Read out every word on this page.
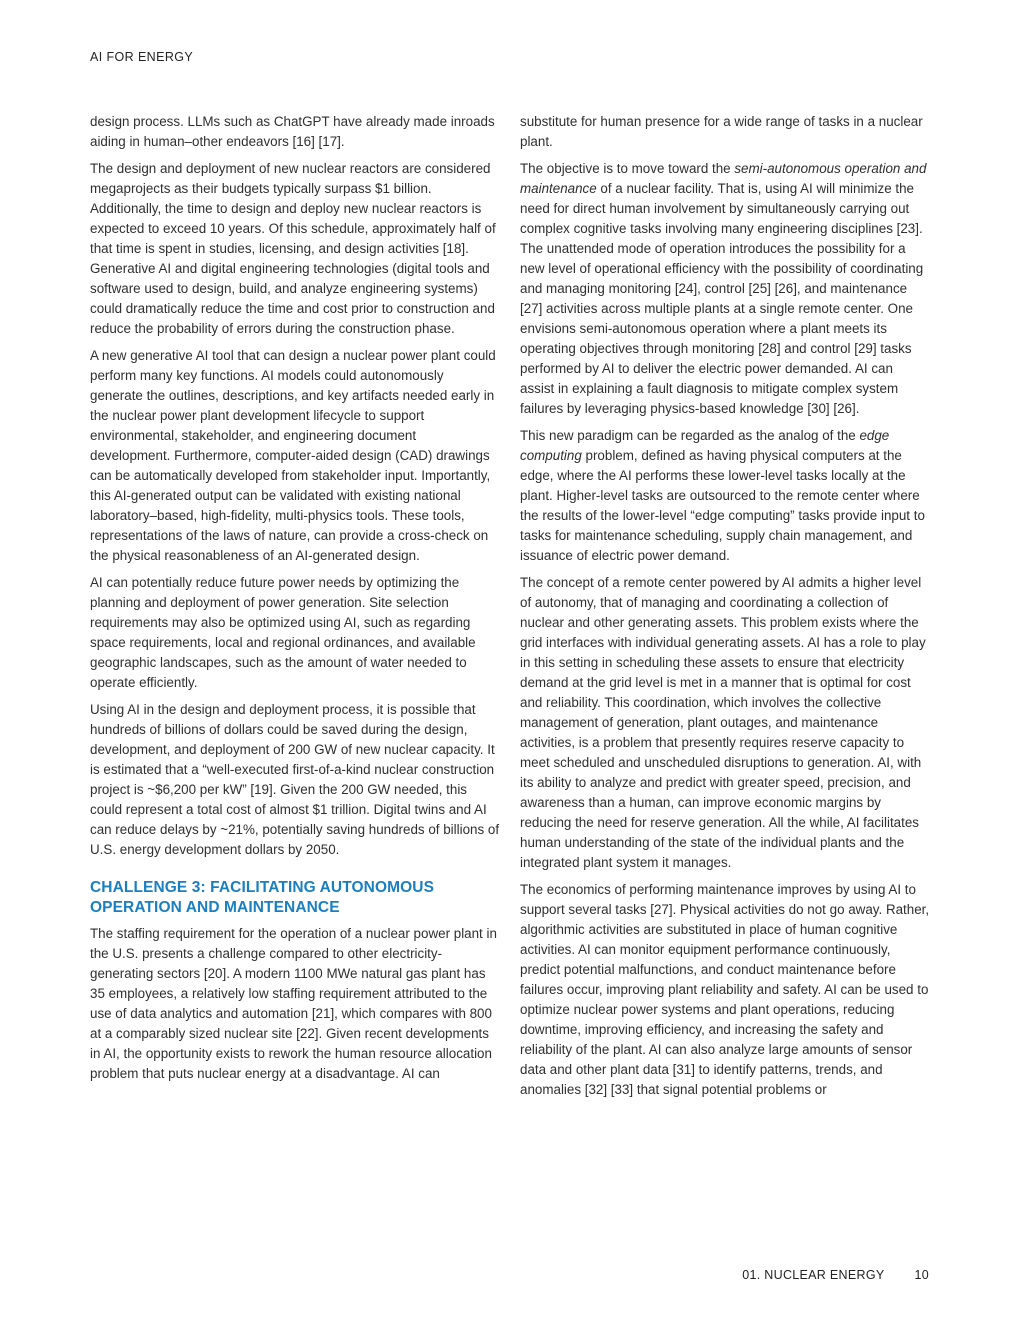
AI FOR ENERGY

design process. LLMs such as ChatGPT have already made inroads aiding in human–other endeavors [16] [17].

The design and deployment of new nuclear reactors are considered megaprojects as their budgets typically surpass $1 billion. Additionally, the time to design and deploy new nuclear reactors is expected to exceed 10 years. Of this schedule, approximately half of that time is spent in studies, licensing, and design activities [18]. Generative AI and digital engineering technologies (digital tools and software used to design, build, and analyze engineering systems) could dramatically reduce the time and cost prior to construction and reduce the probability of errors during the construction phase.

A new generative AI tool that can design a nuclear power plant could perform many key functions. AI models could autonomously generate the outlines, descriptions, and key artifacts needed early in the nuclear power plant development lifecycle to support environmental, stakeholder, and engineering document development. Furthermore, computer-aided design (CAD) drawings can be automatically developed from stakeholder input. Importantly, this AI-generated output can be validated with existing national laboratory–based, high-fidelity, multi-physics tools. These tools, representations of the laws of nature, can provide a cross-check on the physical reasonableness of an AI-generated design.

AI can potentially reduce future power needs by optimizing the planning and deployment of power generation. Site selection requirements may also be optimized using AI, such as regarding space requirements, local and regional ordinances, and available geographic landscapes, such as the amount of water needed to operate efficiently.

Using AI in the design and deployment process, it is possible that hundreds of billions of dollars could be saved during the design, development, and deployment of 200 GW of new nuclear capacity. It is estimated that a “well-executed first-of-a-kind nuclear construction project is ~$6,200 per kW” [19]. Given the 200 GW needed, this could represent a total cost of almost $1 trillion. Digital twins and AI can reduce delays by ~21%, potentially saving hundreds of billions of U.S. energy development dollars by 2050.

CHALLENGE 3: FACILITATING AUTONOMOUS OPERATION AND MAINTENANCE

The staffing requirement for the operation of a nuclear power plant in the U.S. presents a challenge compared to other electricity-generating sectors [20]. A modern 1100 MWe natural gas plant has 35 employees, a relatively low staffing requirement attributed to the use of data analytics and automation [21], which compares with 800 at a comparably sized nuclear site [22]. Given recent developments in AI, the opportunity exists to rework the human resource allocation problem that puts nuclear energy at a disadvantage. AI can

substitute for human presence for a wide range of tasks in a nuclear plant.

The objective is to move toward the semi-autonomous operation and maintenance of a nuclear facility. That is, using AI will minimize the need for direct human involvement by simultaneously carrying out complex cognitive tasks involving many engineering disciplines [23]. The unattended mode of operation introduces the possibility for a new level of operational efficiency with the possibility of coordinating and managing monitoring [24], control [25] [26], and maintenance [27] activities across multiple plants at a single remote center. One envisions semi-autonomous operation where a plant meets its operating objectives through monitoring [28] and control [29] tasks performed by AI to deliver the electric power demanded. AI can assist in explaining a fault diagnosis to mitigate complex system failures by leveraging physics-based knowledge [30] [26].

This new paradigm can be regarded as the analog of the edge computing problem, defined as having physical computers at the edge, where the AI performs these lower-level tasks locally at the plant. Higher-level tasks are outsourced to the remote center where the results of the lower-level “edge computing” tasks provide input to tasks for maintenance scheduling, supply chain management, and issuance of electric power demand.

The concept of a remote center powered by AI admits a higher level of autonomy, that of managing and coordinating a collection of nuclear and other generating assets. This problem exists where the grid interfaces with individual generating assets. AI has a role to play in this setting in scheduling these assets to ensure that electricity demand at the grid level is met in a manner that is optimal for cost and reliability. This coordination, which involves the collective management of generation, plant outages, and maintenance activities, is a problem that presently requires reserve capacity to meet scheduled and unscheduled disruptions to generation. AI, with its ability to analyze and predict with greater speed, precision, and awareness than a human, can improve economic margins by reducing the need for reserve generation. All the while, AI facilitates human understanding of the state of the individual plants and the integrated plant system it manages.

The economics of performing maintenance improves by using AI to support several tasks [27]. Physical activities do not go away. Rather, algorithmic activities are substituted in place of human cognitive activities. AI can monitor equipment performance continuously, predict potential malfunctions, and conduct maintenance before failures occur, improving plant reliability and safety. AI can be used to optimize nuclear power systems and plant operations, reducing downtime, improving efficiency, and increasing the safety and reliability of the plant. AI can also analyze large amounts of sensor data and other plant data [31] to identify patterns, trends, and anomalies [32] [33] that signal potential problems or

01. NUCLEAR ENERGY 10
